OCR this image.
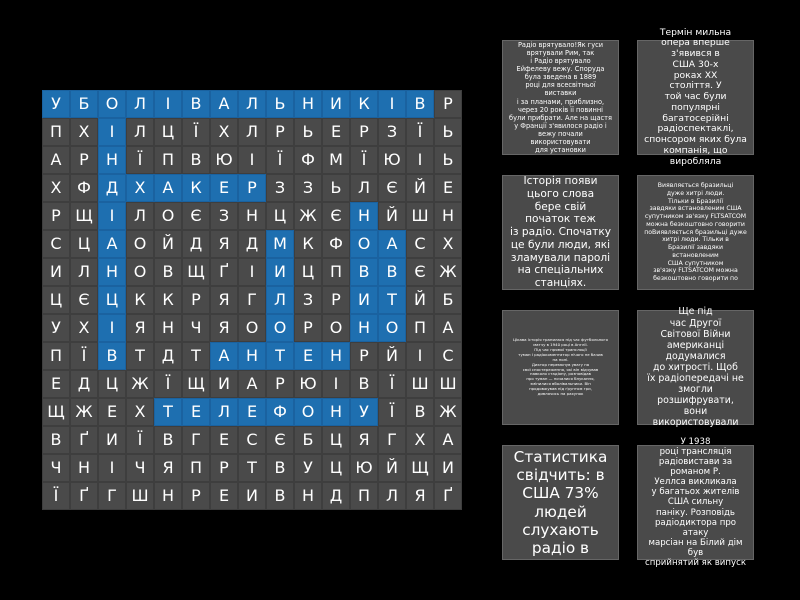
У	Б	О Л	І	В	А	Л	Ь	Н	И	К	І	В	Р
П	Х	І	Л Ц	Ї	Х	Л	Р	Ь	Е	Р	З	Ї	Ь
А	Р	Н	Ї	П	В Ю	І	Ї	Ф М	Ї	Ю	І	Ь
Х Ф Д	Х	А	К	Е	Р	З	З	Ь	Л	Є	Й	Е
Р Щ	І	Л О	Є	З	Н Ц Ж Є	Н	Й Ш Н
С	Ц	А	О Й Д	Я	Д М К Ф О	А	С	Х
И	Л Н О	В Щ Ґ	І	И Ц П	В	В	Є Ж
Ц	Є	Ц	К	К	Р	Я	Г	Л	З	Р	И	Т	Й	Б
У	Х	І	Я	Н	Ч	Я	О О	Р	О Н О П	А
П	Ї	В	Т	Д	Т	А	Н	Т	Е	Н	Р	Й	І	С
Е	Д Ц Ж	Ї	Щ И	А	Р Ю	І	В	Ї	Ш Ш
Щ Ж Е	Х	Т	Е	Л	Е	Ф О Н	У	Ї	В Ж
В	Ґ	И	Ї	В	Г	Е	С	Є	Б	Ц	Я	Г	Х	А
Ч	Н	І	Ч	Я	П	Р	Т	В	У	Ц Ю Й Щ И
Ї	Ґ	Г Ш Н	Р	Е	И	В	Н Д П Л	Я	Ґ
Радіо врятувало!Як гуси
врятували Рим, так
і Радіо врятувало
Ейфелеву вежу. Споруда
була зведена в 1889
році для всесвітньої виставки
і за планами, приблизно,
через 20 років її повинні
були прибрати. Але на щастя
у Франції з'явилося радіо і
вежу почали використовувати
для установки
Термін мильна
опера вперше
з'явився в
США 30-х
роках XX
століття. У
той час були
популярні багатосерійні
радіоспектаклі,
спонсором яких була
компанія, що виробляла
Історія появи
цього слова
бере свій
початок теж
із радіо. Спочатку
це були люди, які
зламували паролі
на спеціальних
станціях.
Виявляється бразильці
дуже хитрі люди.
Тільки в Бразилії
завдяки встановленим США
супутником зв'язку FLTSATCOM
можна безкоштовно говорити
поВиявляється бразильці дуже
хитрі люди. Тільки в
Бразилії завдяки встановленим
США супутником
зв'язку FLTSATCOM можна
безкоштовно говорити по
Цікава історія трапилася під час футбольного
матчу в 1940 році в Англії.
Під час прямої трансляції
туман і радіокоментатор нічого не бачив
на полі.
Диктор перемкнув увагу на
свої спостереження, які він відчував
навколо стадіону, розповідав
про туман — почалися блукання,
змінилися вболівальники. Він
продовжував під ґрунтом гри,
дивлячись на рахунок
Ще під
час Другої
Світової Війни
американці додумалися
до хитрості. Щоб
їх радіопередачі не
змогли розшифрувати,
вони використовували
Статистика
свідчить: в
США 73%
людей
слухають
радіо в
У 1938
році трансляція
радіовистави за
романом Р.
Уеллса викликала
у багатьох жителів
США сильну
паніку. Розповідь
радіодиктора про атаку
марсіан на Білий дім був
сприйнятий як випуск
